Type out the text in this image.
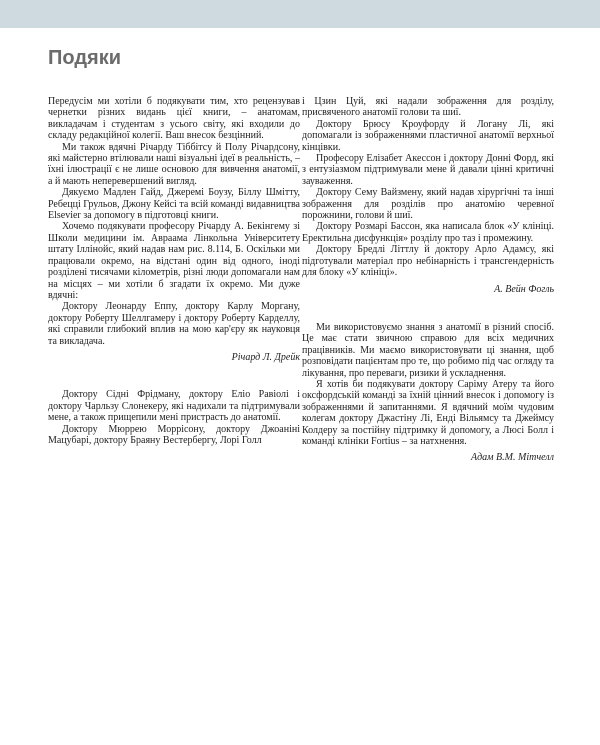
Подяки

Передусім ми хотіли б подякувати тим, хто рецензував чернетки різних видань цієї книги, – анатомам, викладачам і студентам з усього світу, які входили до складу редакційної колегії. Ваш внесок безцінний.

Ми також вдячні Річарду Тіббітсу й Полу Річардсону, які майстерно втілювали наші візуальні ідеї в реальність, – їхні ілюстрації є не лише основою для вивчення анатомії, а й мають неперевершений вигляд.

Дякуємо Мадлен Гайд, Джеремі Боузу, Біллу Шмітту, Ребецці Грульов, Джону Кейсі та всій команді видавництва Elsevier за допомогу в підготовці книги.

Хочемо подякувати професору Річарду А. Бекінгему зі Школи медицини ім. Авраама Лінкольна Університету штату Іллінойс, який надав нам рис. 8.114, Б. Оскільки ми працювали окремо, на відстані один від одного, іноді розділені тисячами кілометрів, різні люди допомагали нам на місцях – ми хотіли б згадати їх окремо. Ми дуже вдячні:

Доктору Леонарду Еппу, доктору Карлу Моргану, доктору Роберту Шеллгамеру і доктору Роберту Карделлу, які справили глибокий вплив на мою кар'єру як науковця та викладача.

Річард Л. Дрейк

Доктору Сідні Фрідману, доктору Еліо Равіолі і доктору Чарльзу Слонекеру, які надихали та підтримували мене, а також прищепили мені пристрасть до анатомії.

Доктору Мюррею Моррісону, доктору Джоаніні Мацубарі, доктору Браяну Вестербергу, Лорі Голл

і Цзин Цуй, які надали зображення для розділу, присвяченого анатомії голови та шиї.

Доктору Брюсу Кроуфорду й Логану Лі, які допомагали із зображеннями пластичної анатомії верхньої кінцівки.

Професору Елізабет Акессон і доктору Донні Форд, які з ентузіазмом підтримували мене й давали цінні критичні зауваження.

Доктору Сему Вайзмену, який надав хірургічні та інші зображення для розділів про анатомію черевної порожнини, голови й шиї.

Доктору Розмарі Бассон, яка написала блок «У клініці. Еректильна дисфункція» розділу про таз і промежину.

Доктору Бредлі Літтлу й доктору Арло Адамсу, які підготували матеріал про небінарність і трансгендерність для блоку «У клініці».

А. Вейн Фогль

Ми використовуємо знання з анатомії в різний спосіб. Це має стати звичною справою для всіх медичних працівників. Ми маємо використовувати ці знання, щоб розповідати пацієнтам про те, що робимо під час огляду та лікування, про переваги, ризики й ускладнення.

Я хотів би подякувати доктору Саріму Атеру та його оксфордській команді за їхній цінний внесок і допомогу із зображеннями й запитаннями. Я вдячний моїм чудовим колегам доктору Джастіну Лі, Енді Вільямсу та Джеймсу Колдеру за постійну підтримку й допомогу, а Люсі Болл і команді клініки Fortius – за натхнення.

Адам В.М. Мітчелл
